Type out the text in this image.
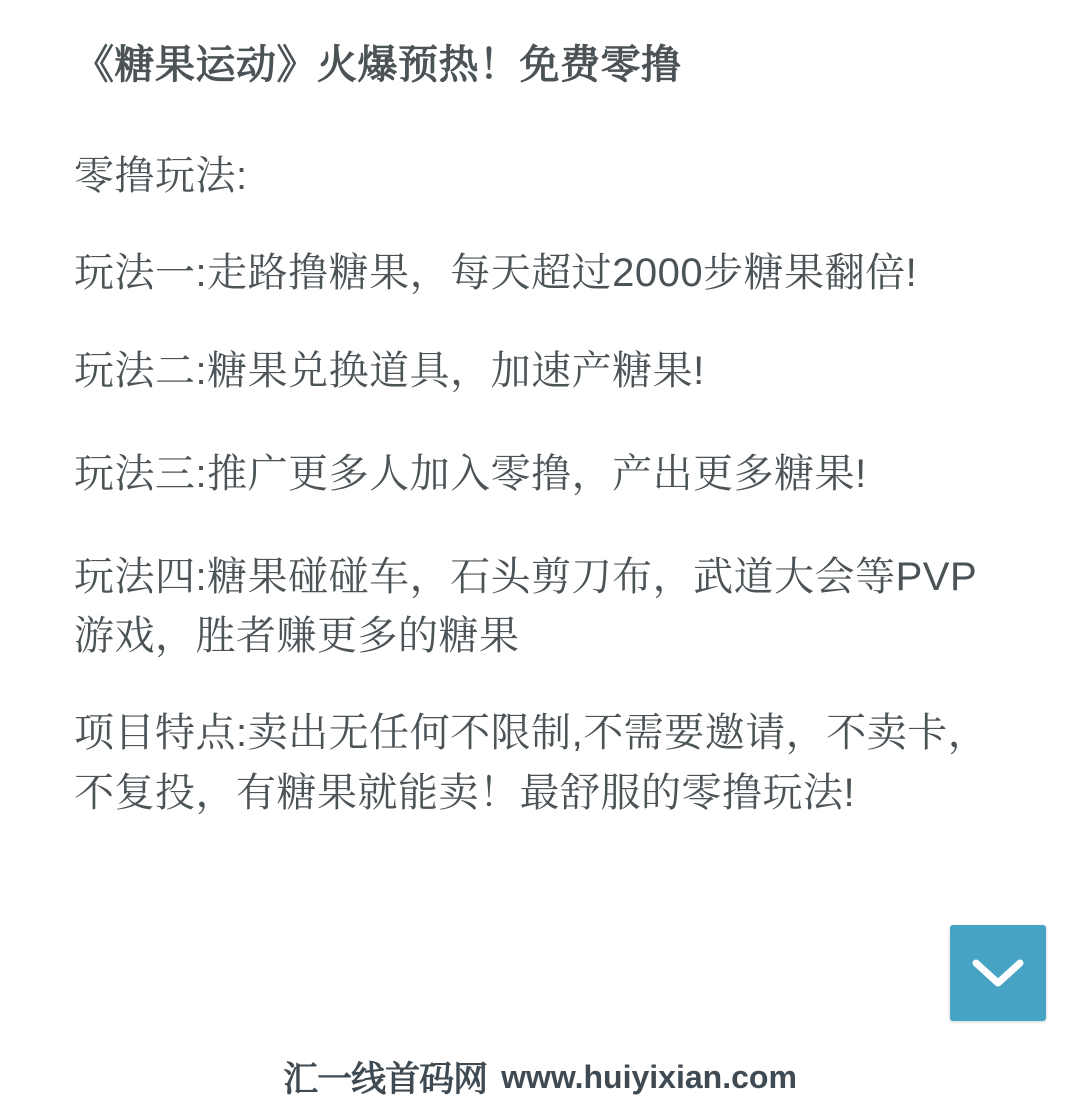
《糖果运动》火爆预热！免费零撸

零撸玩法:

玩法一:走路撸糖果，每天超过2000步糖果翻倍!

玩法二:糖果兑换道具，加速产糖果!

玩法三:推广更多人加入零撸，产出更多糖果!

玩法四:糖果碰碰车，石头剪刀布，武道大会等PVP游戏，胜者赚更多的糖果

项目特点:卖出无任何不限制,不需要邀请，不卖卡，不复投，有糖果就能卖！最舒服的零撸玩法!

汇一线首码网 www.huiyixian.com
